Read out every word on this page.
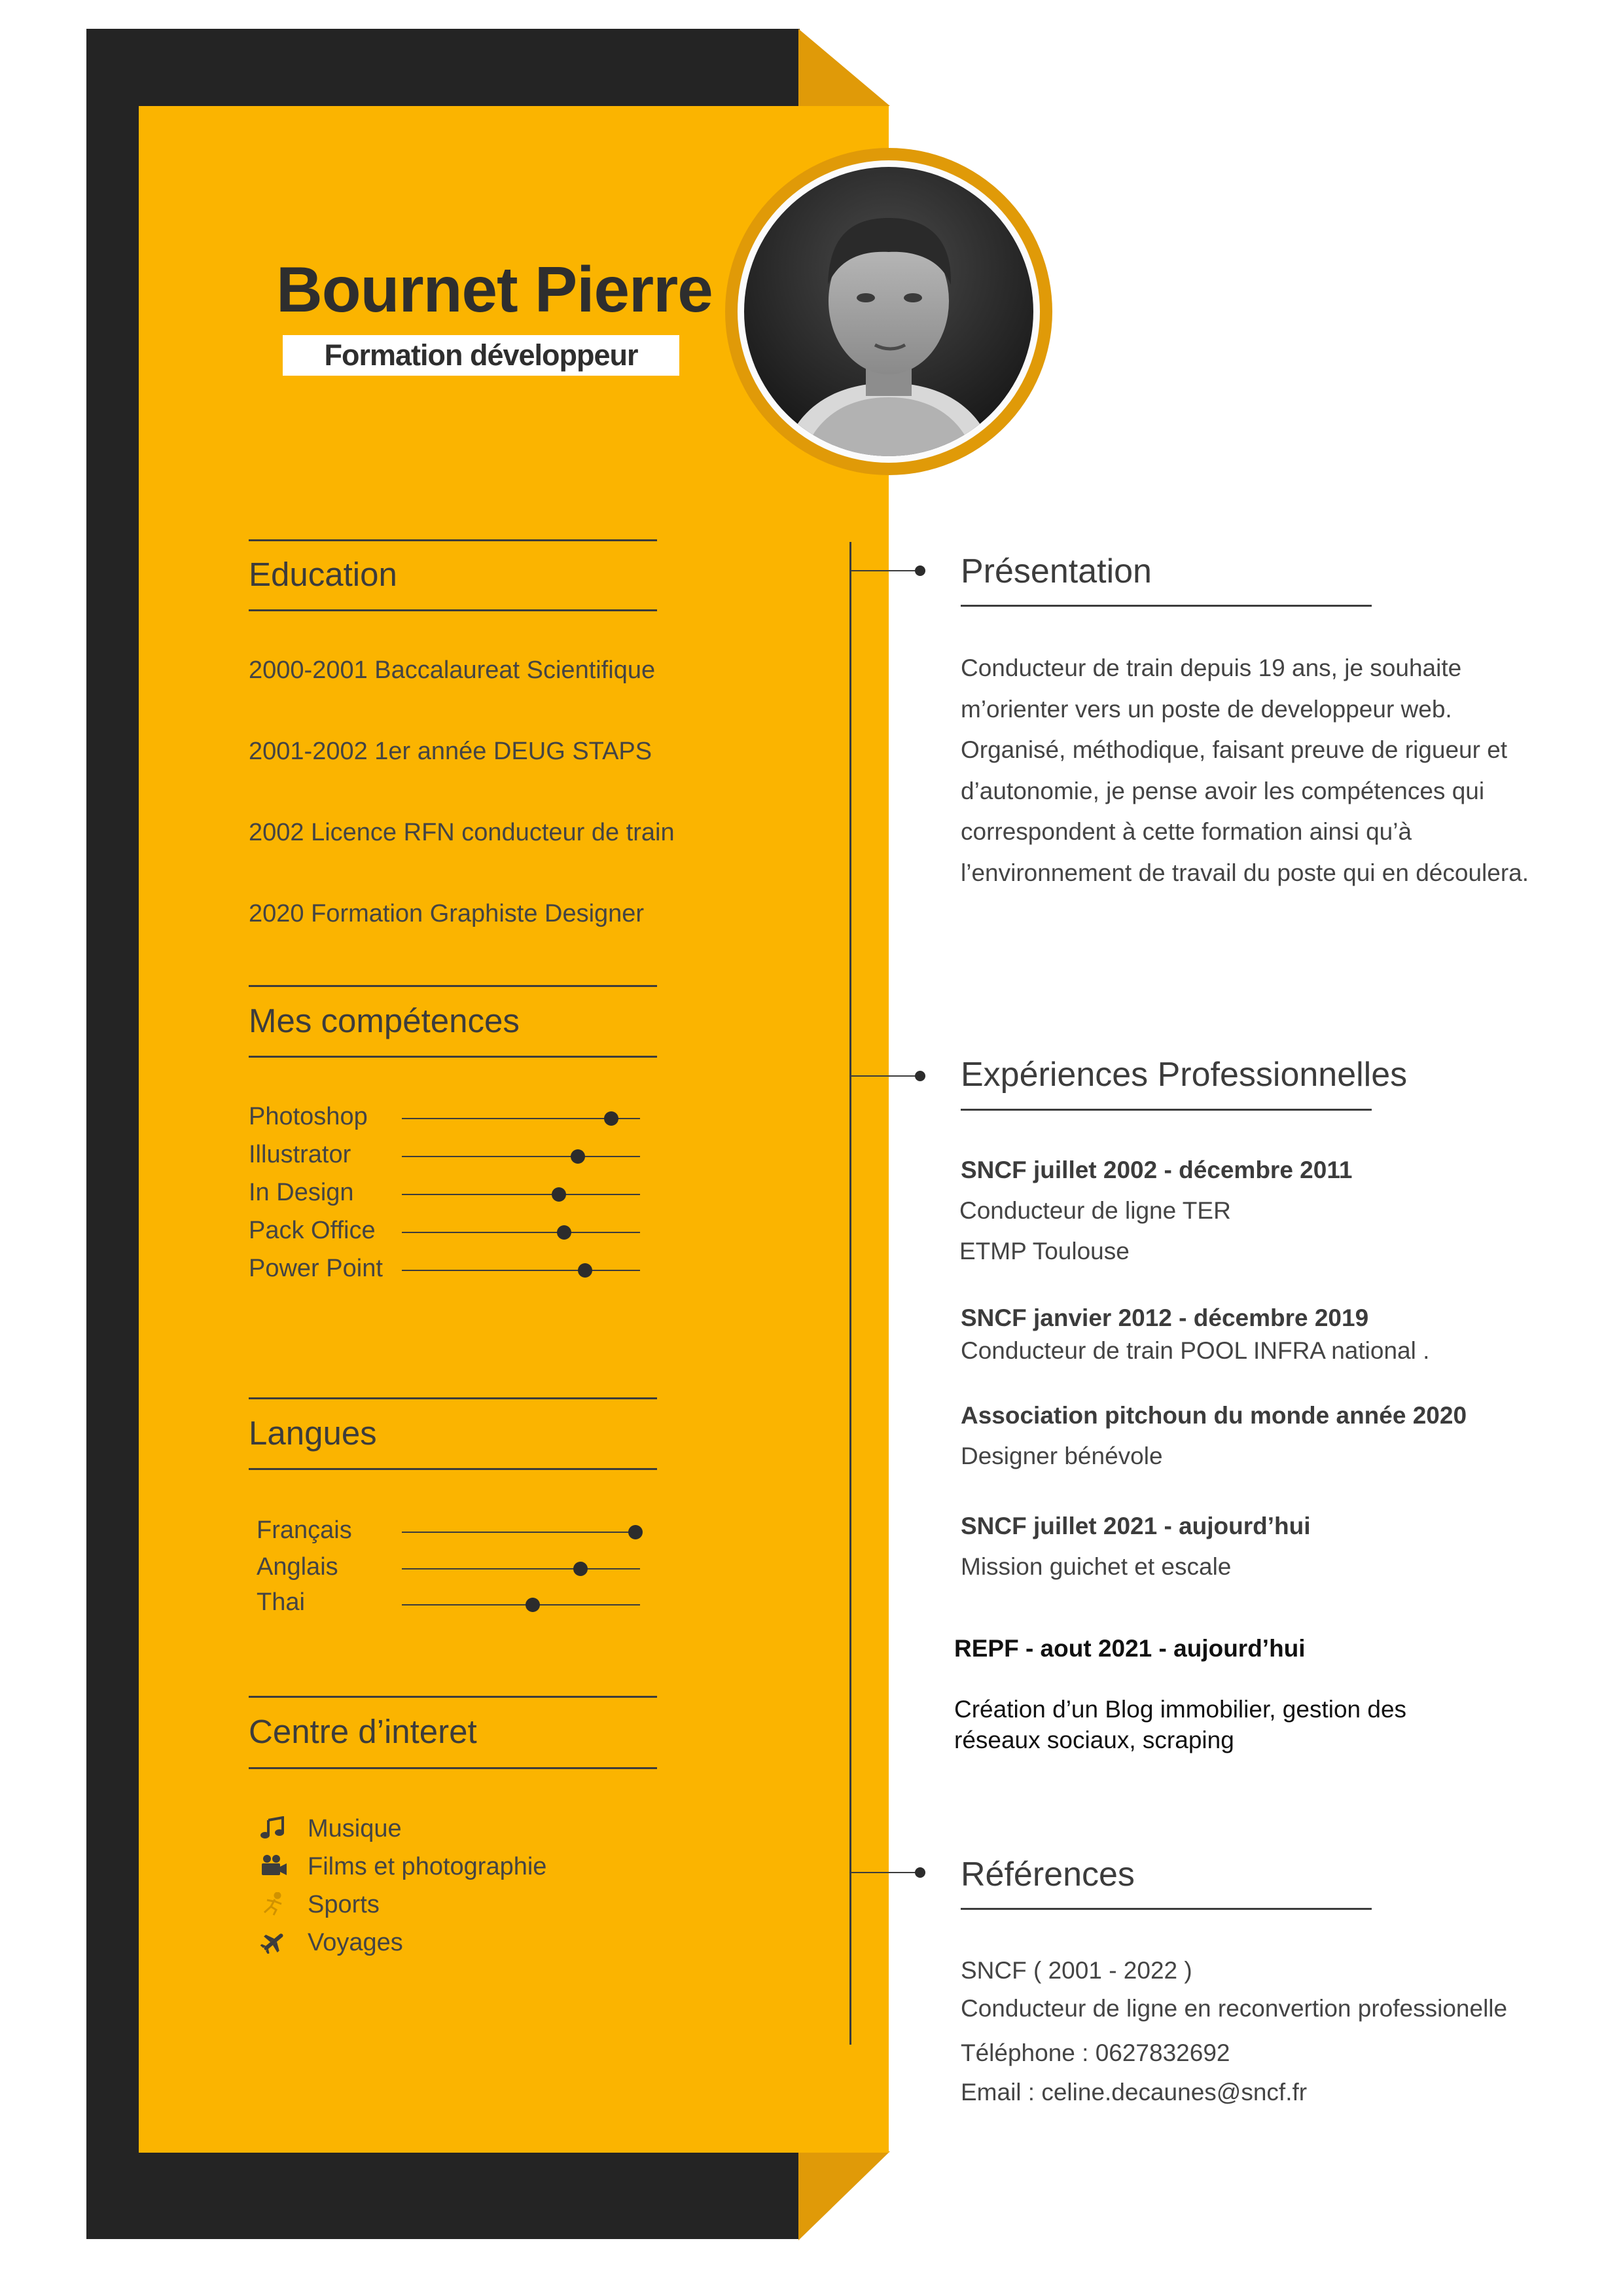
Bournet Pierre
Formation développeur
Education
2000-2001 Baccalaureat Scientifique
2001-2002 1er année DEUG STAPS
2002 Licence RFN conducteur de train
2020 Formation Graphiste Designer
Mes compétences
Photoshop
Illustrator
In Design
Pack Office
Power Point
Langues
Français
Anglais
Thai
Centre d’interet
Musique
Films et photographie
Sports
Voyages
Présentation
Conducteur de train depuis 19 ans, je souhaite m’orienter vers un poste de developpeur web. Organisé, méthodique, faisant preuve de rigueur et d’autonomie, je pense avoir les compétences qui correspondent à cette formation ainsi qu’à l’environnement de travail du poste qui en découlera.
Expériences Professionnelles
SNCF juillet 2002 - décembre 2011
Conducteur de ligne TER
ETMP Toulouse
SNCF janvier 2012 - décembre 2019
Conducteur de train POOL INFRA national .
Association pitchoun du monde année 2020
Designer bénévole
SNCF juillet 2021 - aujourd’hui
Mission guichet et escale
REPF - aout 2021 - aujourd’hui
Création d’un Blog immobilier, gestion des
réseaux sociaux, scraping
Références
SNCF ( 2001 - 2022 )
Conducteur de ligne en reconvertion professionelle
Téléphone : 0627832692
Email : celine.decaunes@sncf.fr
